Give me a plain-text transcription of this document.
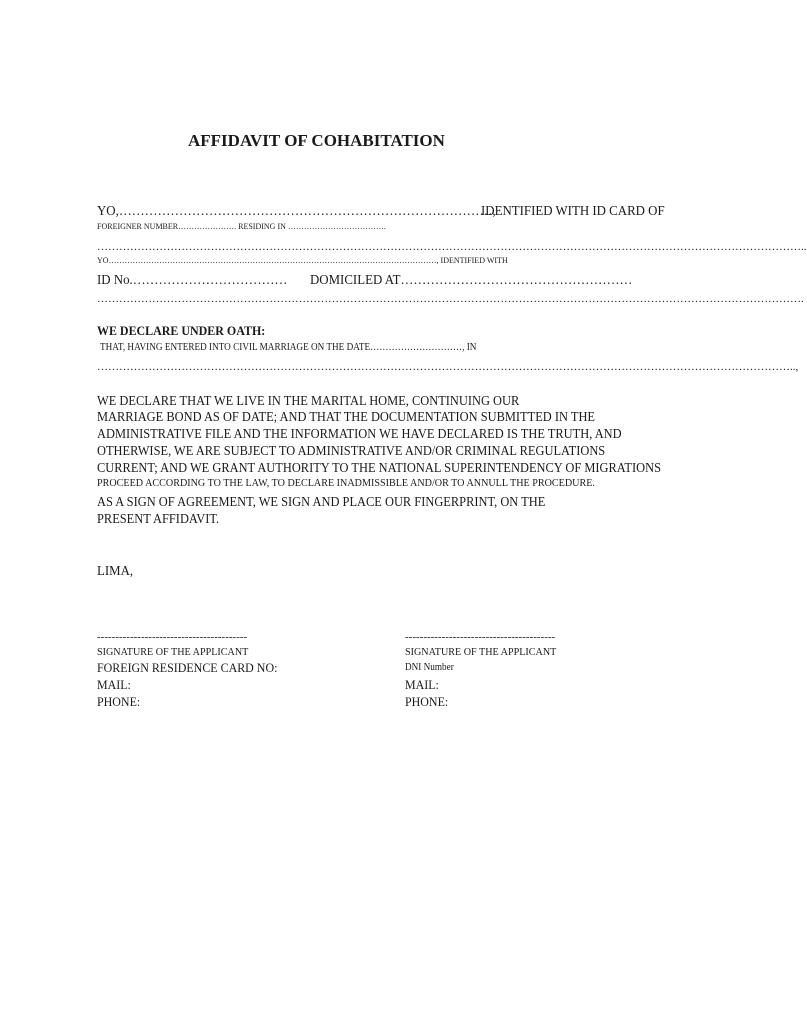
AFFIDAVIT OF COHABITATION
YO,……………………………………………………………………………,
IDENTIFIED WITH ID CARD OF
FOREIGNER NUMBER…………………. RESIDING IN ……………………………….
…………………………………………………………………………………………………………………………………………………………………………..
YO……………………………………………………………………………………………………………, IDENTIFIED WITH
ID No.……………………………… DOMICILED AT………………………………………………
………………………………………………………………………………………………………………………………………………………………………….
WE DECLARE UNDER OATH:
THAT, HAVING ENTERED INTO CIVIL MARRIAGE ON THE DATE…………………………, IN
………………………………………………………………………………………………………………………………………………………………………..,
WE DECLARE THAT WE LIVE IN THE MARITAL HOME, CONTINUING OUR
MARRIAGE BOND AS OF DATE; AND THAT THE DOCUMENTATION SUBMITTED IN THE
ADMINISTRATIVE FILE AND THE INFORMATION WE HAVE DECLARED IS THE TRUTH, AND
OTHERWISE, WE ARE SUBJECT TO ADMINISTRATIVE AND/OR CRIMINAL REGULATIONS
CURRENT; AND WE GRANT AUTHORITY TO THE NATIONAL SUPERINTENDENCY OF MIGRATIONS
PROCEED ACCORDING TO THE LAW, TO DECLARE INADMISSIBLE AND/OR TO ANNULL THE PROCEDURE.
AS A SIGN OF AGREEMENT, WE SIGN AND PLACE OUR FINGERPRINT, ON THE
PRESENT AFFIDAVIT.
LIMA,
-----------------------------------------
SIGNATURE OF THE APPLICANT
FOREIGN RESIDENCE CARD NO:
MAIL:
PHONE:
-----------------------------------------
SIGNATURE OF THE APPLICANT
DNI Number
MAIL:
PHONE:
